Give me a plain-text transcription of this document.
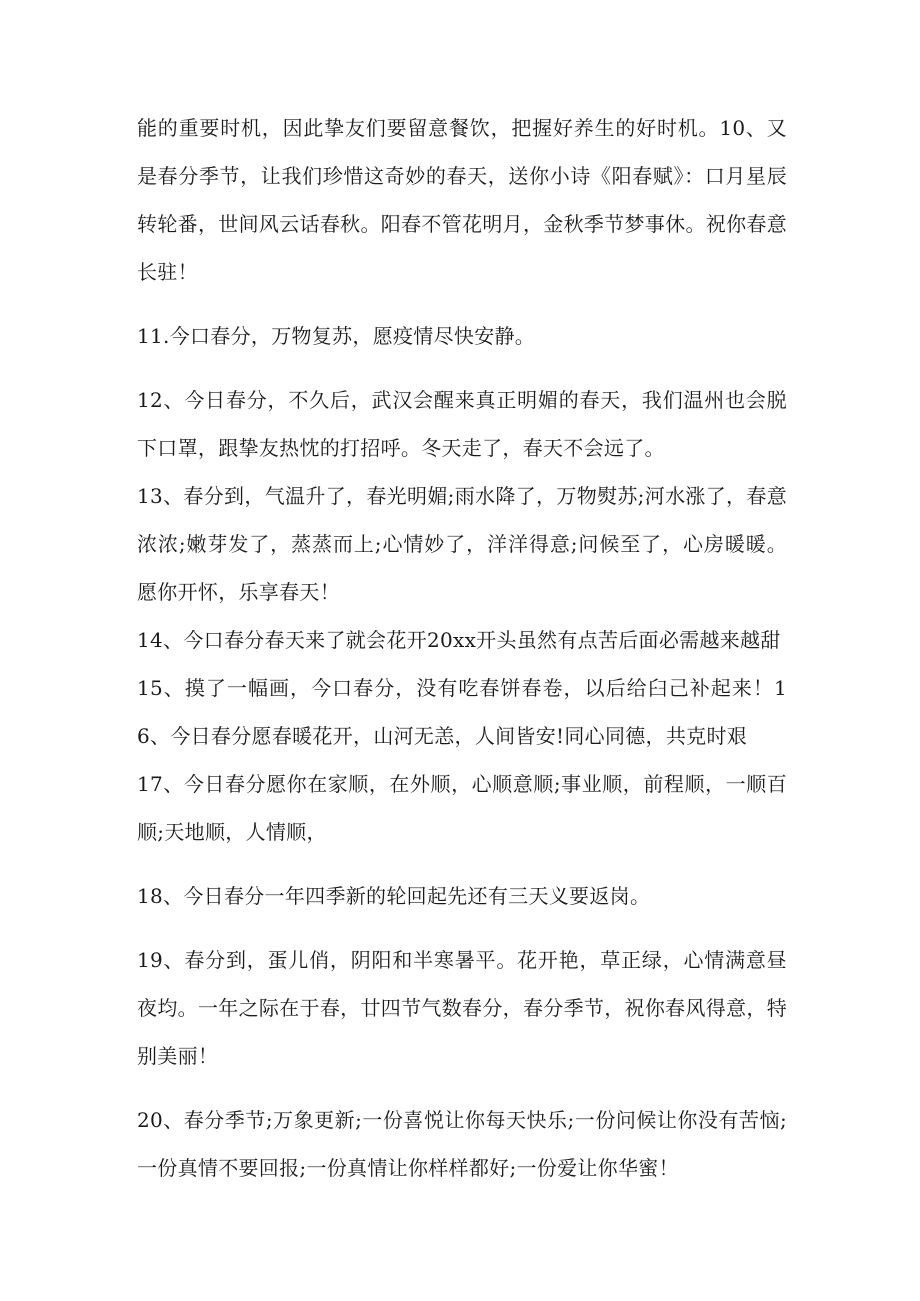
能的重要时机，因此挚友们要留意餐饮，把握好养生的好时机。10、又是春分季节，让我们珍惜这奇妙的春天，送你小诗《阳春赋》：口月星辰转轮番，世间风云话春秋。阳春不管花明月，金秋季节梦事休。祝你春意长驻！

11.今口春分，万物复苏，愿疫情尽快安静。

12、今日春分，不久后，武汉会醒来真正明媚的春天，我们温州也会脱下口罩，跟挚友热忱的打招呼。冬天走了，春天不会远了。

13、春分到，气温升了，春光明媚;雨水降了，万物熨苏;河水涨了，春意浓浓;嫩芽发了，蒸蒸而上;心情妙了，洋洋得意;问候至了，心房暖暖。愿你开怀，乐享春天！

14、今口春分春天来了就会花开20xx开头虽然有点苦后面必需越来越甜

15、摸了一幅画，今口春分，没有吃春饼春卷，以后给臼己补起来！16、今日春分愿春暖花开，山河无恙，人间皆安!同心同德，共克时艰

17、今日春分愿你在家顺，在外顺，心顺意顺;事业顺，前程顺，一顺百顺;天地顺，人情顺，

18、今日春分一年四季新的轮回起先还有三天义要返岗。

19、春分到，蛋儿俏，阴阳和半寒暑平。花开艳，草正绿，心情满意昼夜均。一年之际在于春，廿四节气数春分，春分季节，祝你春风得意，特别美丽！

20、春分季节;万象更新;一份喜悦让你每天快乐;一份问候让你没有苦恼;一份真情不要回报;一份真情让你样样都好;一份爱让你华蜜！
